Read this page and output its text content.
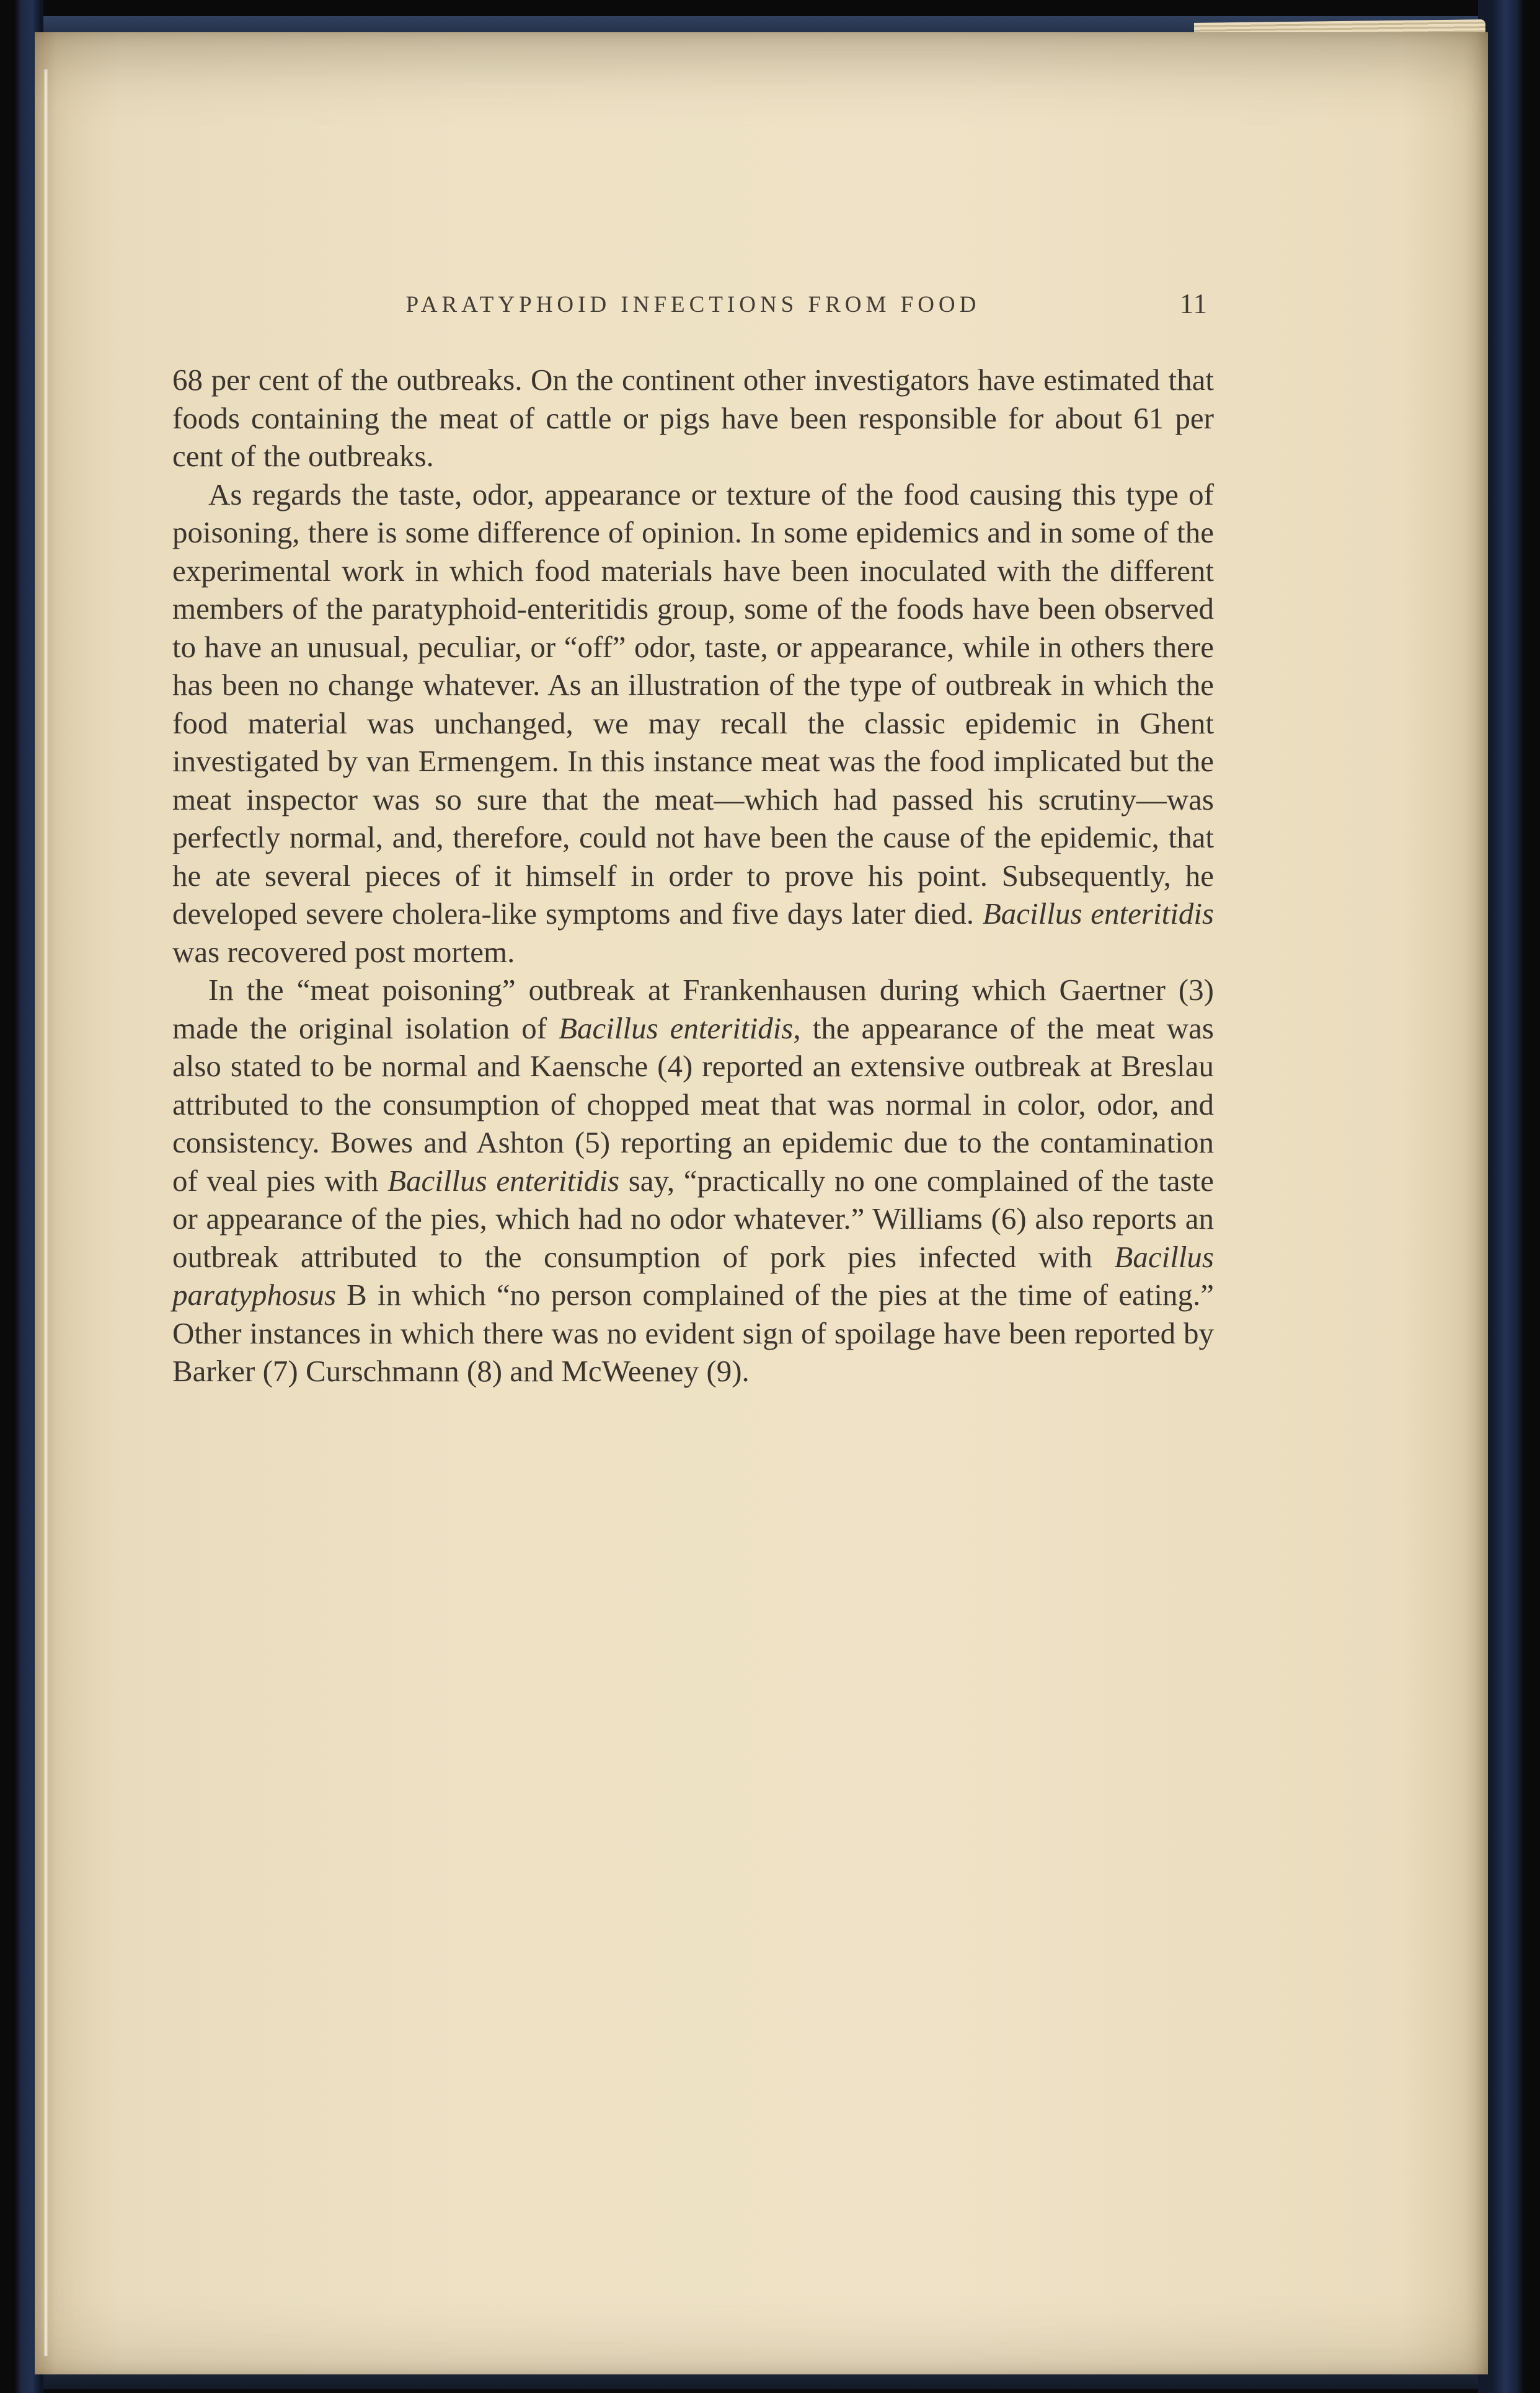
PARATYPHOID INFECTIONS FROM FOOD	11

68 per cent of the outbreaks. On the continent other investigators have estimated that foods containing the meat of cattle or pigs have been responsible for about 61 per cent of the outbreaks.

As regards the taste, odor, appearance or texture of the food causing this type of poisoning, there is some difference of opinion. In some epidemics and in some of the experimental work in which food materials have been inoculated with the different members of the paratyphoid-enteritidis group, some of the foods have been observed to have an unusual, peculiar, or “off” odor, taste, or appearance, while in others there has been no change whatever. As an illustration of the type of outbreak in which the food material was unchanged, we may recall the classic epidemic in Ghent investigated by van Ermengem. In this instance meat was the food implicated but the meat inspector was so sure that the meat—which had passed his scrutiny—was perfectly normal, and, therefore, could not have been the cause of the epidemic, that he ate several pieces of it himself in order to prove his point. Subsequently, he developed severe cholera-like symptoms and five days later died. Bacillus enteritidis was recovered post mortem.

In the “meat poisoning” outbreak at Frankenhausen during which Gaertner (3) made the original isolation of Bacillus enteritidis, the appearance of the meat was also stated to be normal and Kaensche (4) reported an extensive outbreak at Breslau attributed to the consumption of chopped meat that was normal in color, odor, and consistency. Bowes and Ashton (5) reporting an epidemic due to the contamination of veal pies with Bacillus enteritidis say, “practically no one complained of the taste or appearance of the pies, which had no odor whatever.” Williams (6) also reports an outbreak attributed to the consumption of pork pies infected with Bacillus paratyphosus B in which “no person complained of the pies at the time of eating.” Other instances in which there was no evident sign of spoilage have been reported by Barker (7) Curschmann (8) and McWeeney (9).
